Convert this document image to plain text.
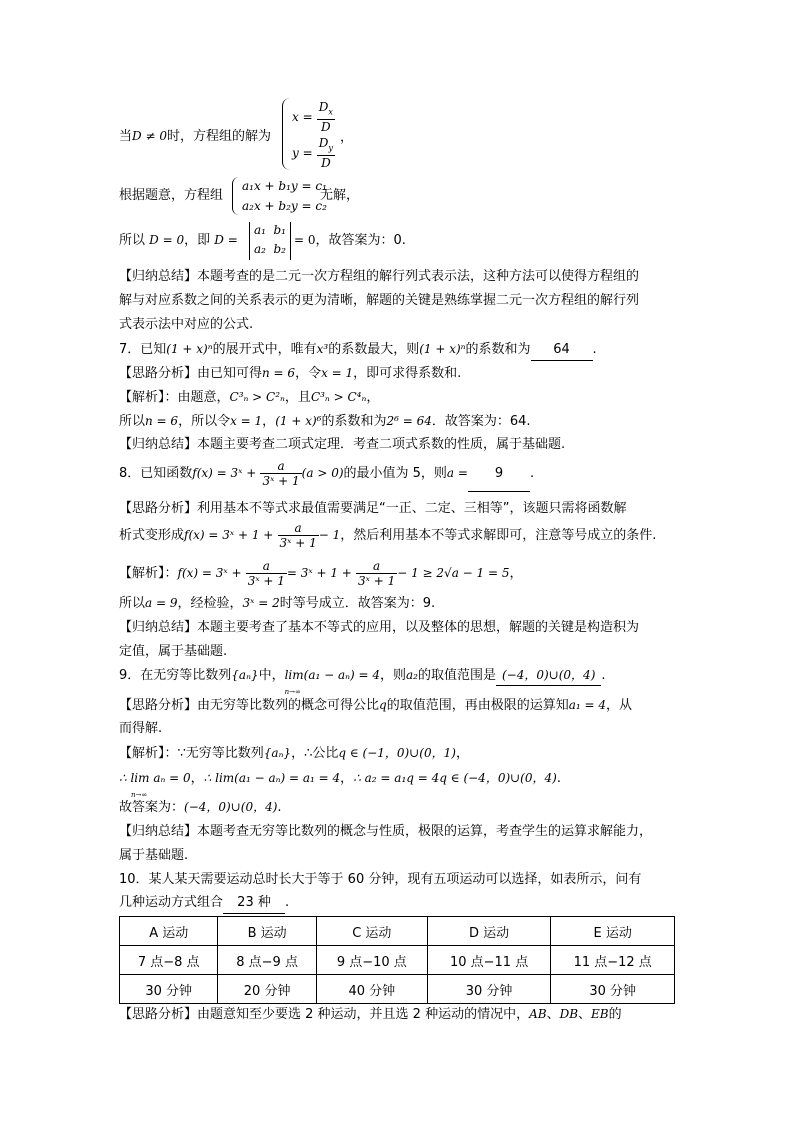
当D ≠ 0时，方程组的解为
$x = \frac{D_x}{D}$
$y = \frac{D_y}{D}$ ，
根据题意，方程组
a₁x + b₁y = c₁
a₂x + b₂y = c₂
无解，
所以 D = 0，即 D =
a₁ b₁
a₂ b₂
= 0，故答案为：0.
【归纳总结】本题考查的是二元一次方程组的解行列式表示法，这种方法可以使得方程组的
解与对应系数之间的关系表示的更为清晰，解题的关键是熟练掌握二元一次方程组的解行列
式表示法中对应的公式.
7．已知(1 + x)ⁿ的展开式中，唯有x³的系数最大，则(1 + x)ⁿ的系数和为 64 .
【思路分析】由已知可得n = 6，令x = 1，即可求得系数和.
【解析】：由题意，C³ₙ > C²ₙ，且C³ₙ > C⁴ₙ，
所以n = 6，所以令x = 1，(1 + x)⁶的系数和为2⁶ = 64．故答案为：64.
【归纳总结】本题主要考查二项式定理．考查二项式系数的性质，属于基础题.
8．已知函数f(x) = 3ˣ + $\frac{a}{\text{3ˣ + 1}} (a > 0)$的最小值为 5，则a = 9 .
【思路分析】利用基本不等式求最值需要满足“一正、二定、三相等”，该题只需将函数解
析式变形成f(x) = 3ˣ + $1 + \frac{a}{\text{3ˣ + 1}} - 1$，然后利用基本不等式求解即可，注意等号成立的条件.
【解析】：f(x) = 3ˣ + $\frac{a}{\text{3ˣ + 1}}$ = 3ˣ + $1 + \frac{a}{\text{3ˣ + 1}} - 1 \ge 2√a - 1 = 5$，
所以a = 9，经检验，3ˣ = 2时等号成立．故答案为：9.
【归纳总结】本题主要考查了基本不等式的应用，以及整体的思想，解题的关键是构造积为
定值，属于基础题.
9．在无穷等比数列{aₙ}中，lim(a₁ − aₙ) = 4
n→∞
，则a₂的取值范围是 (−4，0)∪(0，4) .
【思路分析】由无穷等比数列的概念可得公比q的取值范围，再由极限的运算知a₁ = 4，从
而得解.
【解析】：∵无穷等比数列{aₙ}，∴公比q ∈ (−1，0)∪(0，1)，
∴ lim aₙ = 0
n→∞
，∴ lim(a₁ − aₙ) = a₁ = 4，∴ a₂ = a₁q = 4q ∈ (−4，0)∪(0，4).
故答案为：(−4，0)∪(0，4).
【归纳总结】本题考查无穷等比数列的概念与性质，极限的运算，考查学生的运算求解能力，
属于基础题.
10．某人某天需要运动总时长大于等于 60 分钟，现有五项运动可以选择，如表所示，问有
几种运动方式组合 23 种 .
A 运动	B 运动	C 运动	D 运动	E 运动
7 点−8 点	8 点−9 点	9 点−10 点	10 点−11 点	11 点−12 点
30 分钟	20 分钟	40 分钟	30 分钟	30 分钟
【思路分析】由题意知至少要选 2 种运动，并且选 2 种运动的情况中，AB、DB、EB的
